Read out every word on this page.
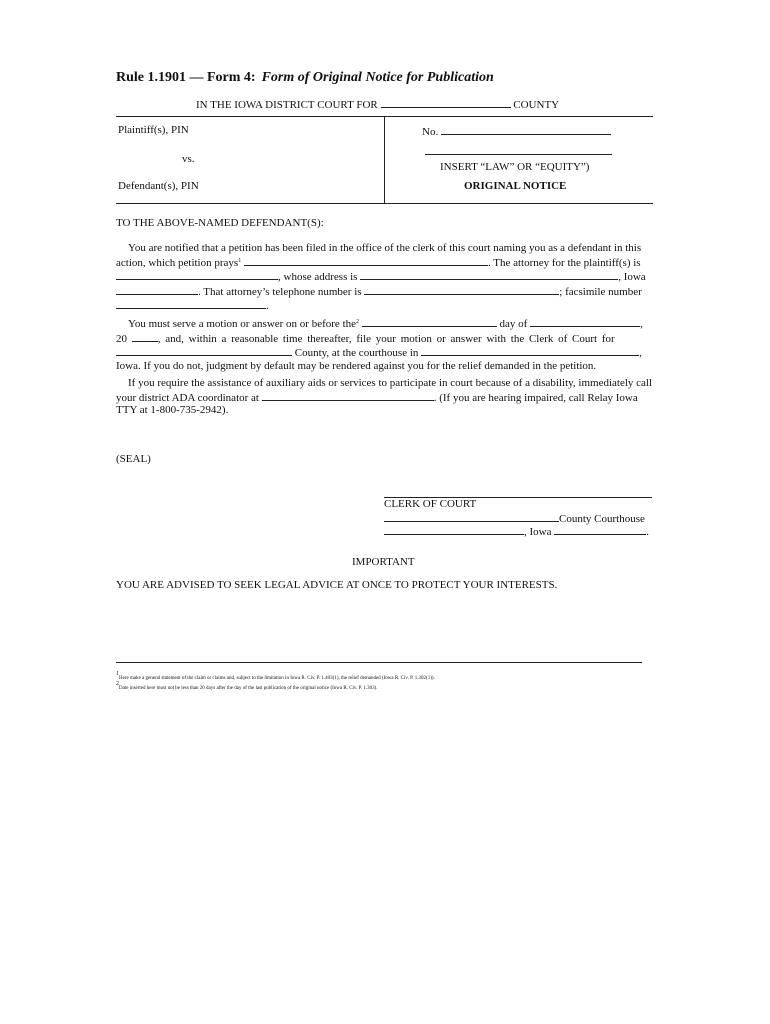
Rule 1.1901 — Form 4: Form of Original Notice for Publication
IN THE IOWA DISTRICT COURT FOR	COUNTY
Plaintiff(s), PIN
vs.
Defendant(s), PIN
No.
INSERT “LAW” OR “EQUITY”)
ORIGINAL NOTICE
TO THE ABOVE-NAMED DEFENDANT(S):
You are notified that a petition has been filed in the office of the clerk of this court naming you as a defendant in this
action, which petition prays$^1$	. The attorney for the plaintiff(s) is
, whose address is	, Iowa
. That attorney’s telephone number is	; facsimile number
.
You must serve a motion or answer on or before the$^2$	day of	,
20	, and, within a reasonable time thereafter, file your motion or answer with the Clerk of Court for
County, at the courthouse in	,
Iowa. If you do not, judgment by default may be rendered against you for the relief demanded in the petition.
If you require the assistance of auxiliary aids or services to participate in court because of a disability, immediately call
your district ADA coordinator at	. (If you are hearing impaired, call Relay Iowa
TTY at 1-800-735-2942).
(SEAL)
CLERK OF COURT
County Courthouse
, Iowa	.
IMPORTANT
YOU ARE ADVISED TO SEEK LEGAL ADVICE AT ONCE TO PROTECT YOUR INTERESTS.
$^1$Here make a general statement of the claim or claims and, subject to the limitation in Iowa R. Civ. P. 1.403(1), the relief demanded (Iowa R. Civ. P. 1.302(1)).
$^2$Date inserted here must not be less than 20 days after the day of the last publication of the original notice (Iowa R. Civ. P. 1.303).
